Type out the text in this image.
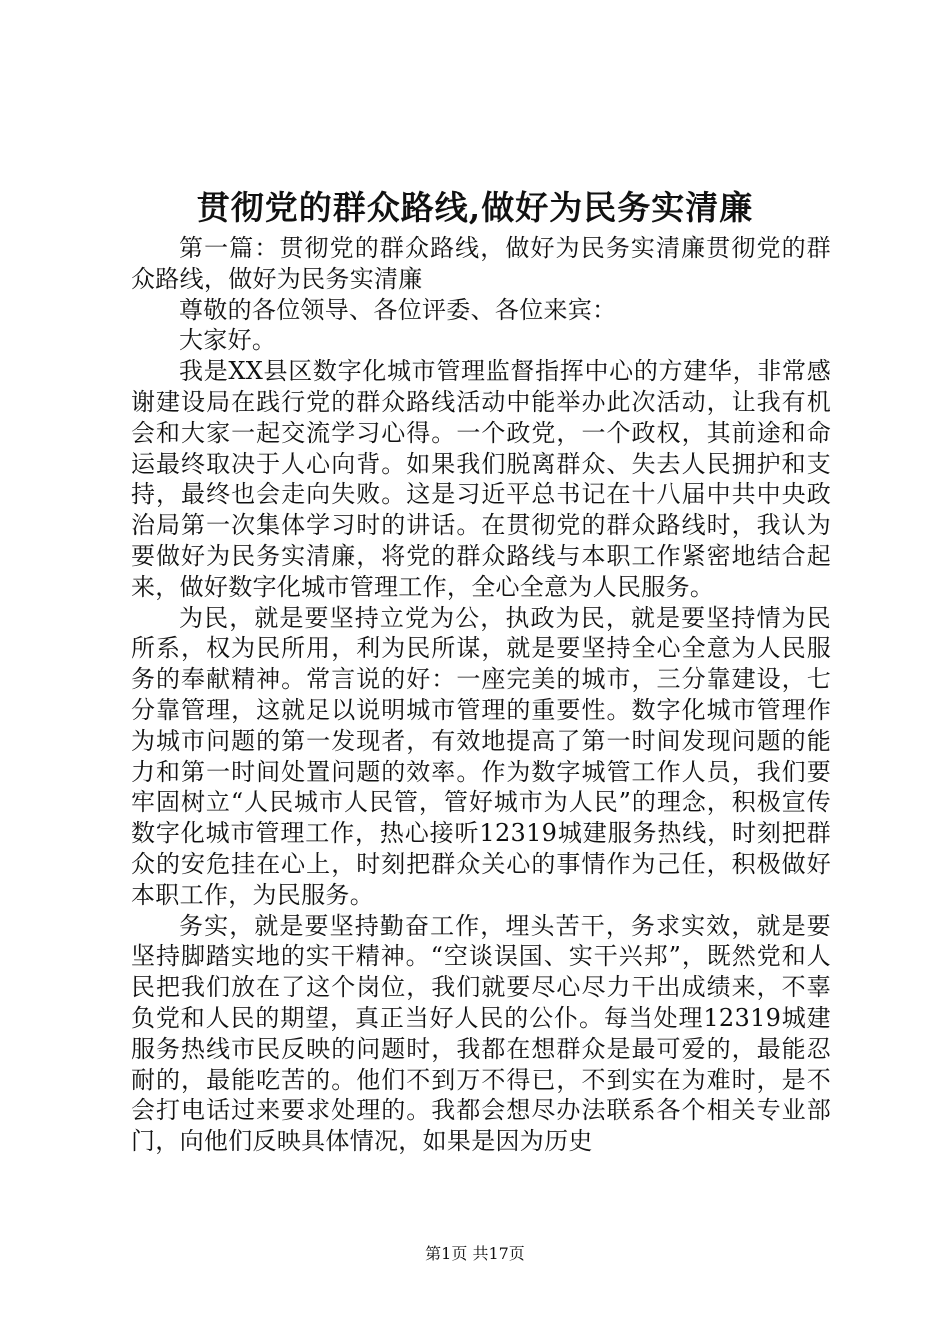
贯彻党的群众路线,做好为民务实清廉

第一篇：贯彻党的群众路线，做好为民务实清廉贯彻党的群众路线，做好为民务实清廉

尊敬的各位领导、各位评委、各位来宾：

大家好。

我是XX县区数字化城市管理监督指挥中心的方建华，非常感谢建设局在践行党的群众路线活动中能举办此次活动，让我有机会和大家一起交流学习心得。一个政党，一个政权，其前途和命运最终取决于人心向背。如果我们脱离群众、失去人民拥护和支持，最终也会走向失败。这是习近平总书记在十八届中共中央政治局第一次集体学习时的讲话。在贯彻党的群众路线时，我认为要做好为民务实清廉，将党的群众路线与本职工作紧密地结合起来，做好数字化城市管理工作，全心全意为人民服务。

为民，就是要坚持立党为公，执政为民，就是要坚持情为民所系，权为民所用，利为民所谋，就是要坚持全心全意为人民服务的奉献精神。常言说的好：一座完美的城市，三分靠建设，七分靠管理，这就足以说明城市管理的重要性。数字化城市管理作为城市问题的第一发现者，有效地提高了第一时间发现问题的能力和第一时间处置问题的效率。作为数字城管工作人员，我们要牢固树立“人民城市人民管，管好城市为人民”的理念，积极宣传数字化城市管理工作，热心接听12319城建服务热线，时刻把群众的安危挂在心上，时刻把群众关心的事情作为己任，积极做好本职工作，为民服务。

务实，就是要坚持勤奋工作，埋头苦干，务求实效，就是要坚持脚踏实地的实干精神。“空谈误国、实干兴邦”，既然党和人民把我们放在了这个岗位，我们就要尽心尽力干出成绩来，不辜负党和人民的期望，真正当好人民的公仆。每当处理12319城建服务热线市民反映的问题时，我都在想群众是最可爱的，最能忍耐的，最能吃苦的。他们不到万不得已，不到实在为难时，是不会打电话过来要求处理的。我都会想尽办法联系各个相关专业部门，向他们反映具体情况，如果是因为历史

第1页 共17页
